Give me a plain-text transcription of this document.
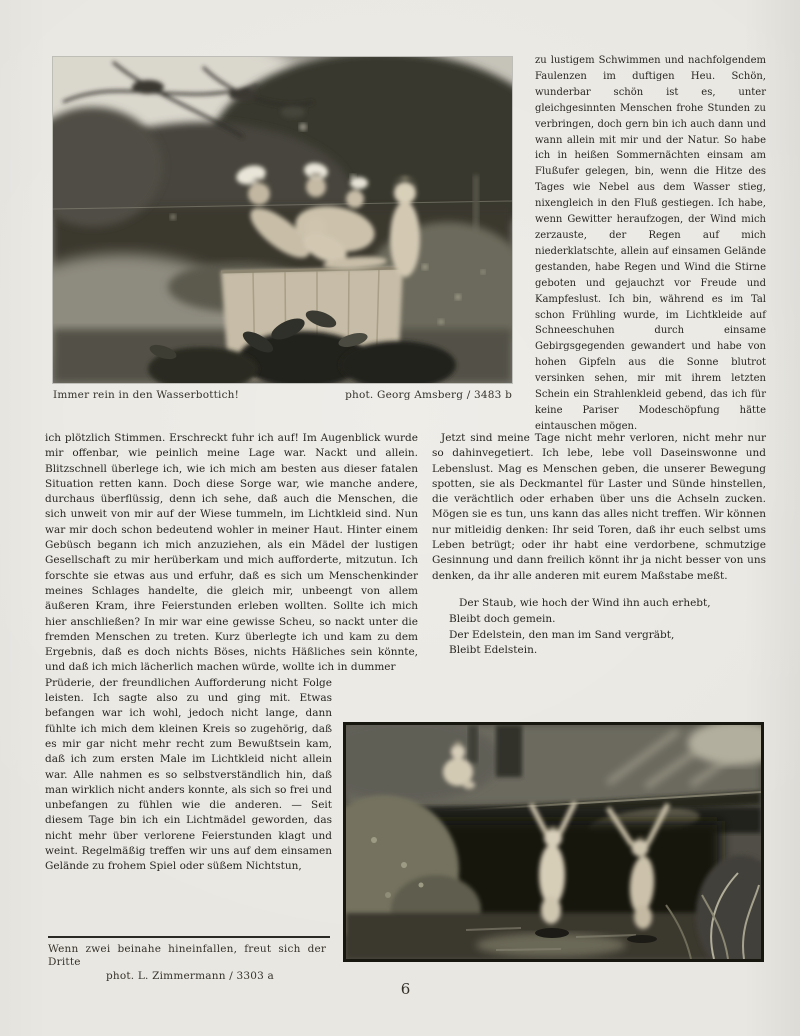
Immer rein in den Wasserbottich!	phot. Georg Amsberg / 3483 b
zu lustigem Schwimmen und nachfolgendem Faulenzen im duftigen Heu. Schön, wunderbar schön ist es, unter gleichgesinnten Menschen frohe Stunden zu verbringen, doch gern bin ich auch dann und wann allein mit mir und der Natur. So habe ich in heißen Sommernächten einsam am Flußufer gelegen, bin, wenn die Hitze des Tages wie Nebel aus dem Wasser stieg, nixengleich in den Fluß gestiegen. Ich habe, wenn Gewitter heraufzogen, der Wind mich zerzauste, der Regen auf mich niederklatschte, allein auf einsamen Gelände gestanden, habe Regen und Wind die Stirne geboten und gejauchzt vor Freude und Kampfeslust. Ich bin, während es im Tal schon Frühling wurde, im Lichtkleide auf Schneeschuhen durch einsame Gebirgsgegenden gewandert und habe von hohen Gipfeln aus die Sonne blutrot versinken sehen, mir mit ihrem letzten Schein ein Strahlenkleid gebend, das ich für keine Pariser Modeschöpfung hätte eintauschen mögen.
ich plötzlich Stimmen. Erschreckt fuhr ich auf! Im Augenblick wurde mir offenbar, wie peinlich meine Lage war. Nackt und allein. Blitzschnell überlege ich, wie ich mich am besten aus dieser fatalen Situation retten kann. Doch diese Sorge war, wie manche andere, durchaus überflüssig, denn ich sehe, daß auch die Menschen, die sich unweit von mir auf der Wiese tummeln, im Lichtkleid sind. Nun war mir doch schon bedeutend wohler in meiner Haut. Hinter einem Gebüsch begann ich mich anzuziehen, als ein Mädel der lustigen Gesellschaft zu mir herüberkam und mich aufforderte, mitzutun. Ich forschte sie etwas aus und erfuhr, daß es sich um Menschenkinder meines Schlages handelte, die gleich mir, unbeengt von allem äußeren Kram, ihre Feierstunden erleben wollten. Sollte ich mich hier anschließen? In mir war eine gewisse Scheu, so nackt unter die fremden Menschen zu treten. Kurz überlegte ich und kam zu dem Ergebnis, daß es doch nichts Böses, nichts Häßliches sein könnte, und daß ich mich lächerlich machen würde, wollte ich in dummer
Prüderie, der freundlichen Aufforderung nicht Folge leisten. Ich sagte also zu und ging mit. Etwas befangen war ich wohl, jedoch nicht lange, dann fühlte ich mich dem kleinen Kreis so zugehörig, daß es mir gar nicht mehr recht zum Bewußtsein kam, daß ich zum ersten Male im Lichtkleid nicht allein war. Alle nahmen es so selbstverständlich hin, daß man wirklich nicht anders konnte, als sich so frei und unbefangen zu fühlen wie die anderen. — Seit diesem Tage bin ich ein Lichtmädel geworden, das nicht mehr über verlorene Feierstunden klagt und weint. Regelmäßig treffen wir uns auf dem einsamen Gelände zu frohem Spiel oder süßem Nichtstun,
Jetzt sind meine Tage nicht mehr verloren, nicht mehr nur so dahinvegetiert. Ich lebe, lebe voll Daseinswonne und Lebenslust. Mag es Menschen geben, die unserer Bewegung spotten, sie als Deckmantel für Laster und Sünde hinstellen, die verächtlich oder erhaben über uns die Achseln zucken. Mögen sie es tun, uns kann das alles nicht treffen. Wir können nur mitleidig denken: Ihr seid Toren, daß ihr euch selbst ums Leben betrügt; oder ihr habt eine verdorbene, schmutzige Gesinnung und dann freilich könnt ihr ja nicht besser von uns denken, da ihr alle anderen mit eurem Maßstabe meßt.
Der Staub, wie hoch der Wind ihn auch erhebt,
Bleibt doch gemein.
Der Edelstein, den man im Sand vergräbt,
Bleibt Edelstein.
Wenn zwei beinahe hineinfallen, freut sich der Dritte
phot. L. Zimmermann / 3303 a
6
